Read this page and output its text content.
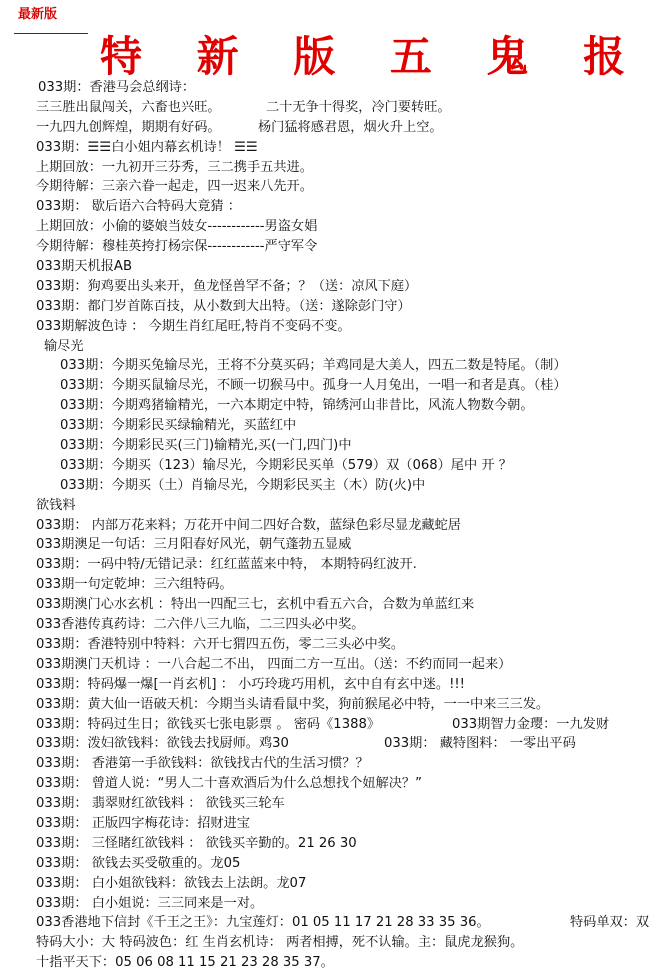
最新版
特 新 版 五 鬼 报
033期：香港马会总纲诗：
三三胜出鼠闯关，六畜也兴旺。	二十无争十得奖，冷门要转旺。
一九四九创辉煌，期期有好码。	杨门猛将感君恩，烟火升上空。
033期：☰☰白小姐内幕玄机诗！ ☰☰
上期回放：一九初开三芬秀，三二携手五共进。
今期待解：三亲六眷一起走，四一迟来八先开。
033期： 歇后语六合特码大竟猜 ：
上期回放：小偷的婆娘当妓女------------男盗女娼
今期待解：穆桂英挎打杨宗保------------严守军令
033期天机报AB
033期：狗鸡要出头来开，鱼龙怪兽罕不备；？（送：凉风下庭）
033期：都门岁首陈百技，从小数到大出特。（送：遂除彭门守）
033期解波色诗 ： 今期生肖红尾旺,特肖不变码不变。
输尽光
033期：今期买兔输尽光，王将不分莫买码；羊鸡同是大美人，四五二数是特尾。（制）
033期：今期买鼠输尽光，不顾一切猴马中。孤身一人月兔出，一唱一和者是真。（桂）
033期：今期鸡猪输精光，一六本期定中特，锦绣河山非昔比，风流人物数今朝。
033期：今期彩民买绿输精光，买蓝红中
033期：今期彩民买(三门)输精光,买(一门,四门)中
033期：今期买（123）输尽光，今期彩民买单（579）双（068）尾中 开 ？
033期：今期买（土）肖输尽光，今期彩民买主（木）防(火)中
欲钱料
033期： 内部万花来料；万花开中间二四好合数，蓝绿色彩尽显龙藏蛇居
033期澳足一句话：三月阳春好风光，朝气蓬勃五显威
033期：一码中特/无错记录：红红蓝蓝来中特， 本期特码红波开.
033期一句定乾坤：三六组特码。
033期澳门心水玄机 ：特出一四配三七，玄机中看五六合，合数为单蓝红来
033香港传真药诗：二六伴八三九临，二三四头必中奖。
033期：香港特别中特料：六开七猬四五伤，零二三头必中奖。
033期澳门天机诗 ：一八合起二不出， 四面二方一互出。（送：不约而同一起来）
033期：特码爆一爆[一肖玄机] ： 小巧玲珑巧用机，玄中自有玄中迷。!!!
033期：黄大仙一语破天机：今期当头请看鼠中奖，狗前猴尾必中特，一一中来三三发。
033期：特码过生日；欲钱买七张电影票 。 密码《1388》	033期智力金璎：一九发财
033期：泼妇欲钱料：欲钱去找厨师。鸡30	033期： 藏特图料： 一零出平码
033期： 香港第一手欲钱料：欲钱找古代的生活习惯？？
033期： 曾道人说：“男人二十喜欢酒后为什么总想找个妞解决？”
033期： 翡翠财红欲钱料 ： 欲钱买三轮车
033期： 正版四字梅花诗：招财进宝
033期： 三怪睹红欲钱料 ： 欲钱买辛勤的。21 26 30
033期： 欲钱去买受敬重的。龙05
033期： 白小姐欲钱料：欲钱去上法朗。龙07
033期： 白小姐说：三三同来是一对。
033香港地下信封《千王之王》：九宝莲灯：01 05 11 17 21 28 33 35 36。	特码单双：双
特码大小：大 特码波色：红 生肖玄机诗： 两者相搏，死不认输。主：鼠虎龙猴狗。
十指平天下：05 06 08 11 15 21 23 28 35 37。
